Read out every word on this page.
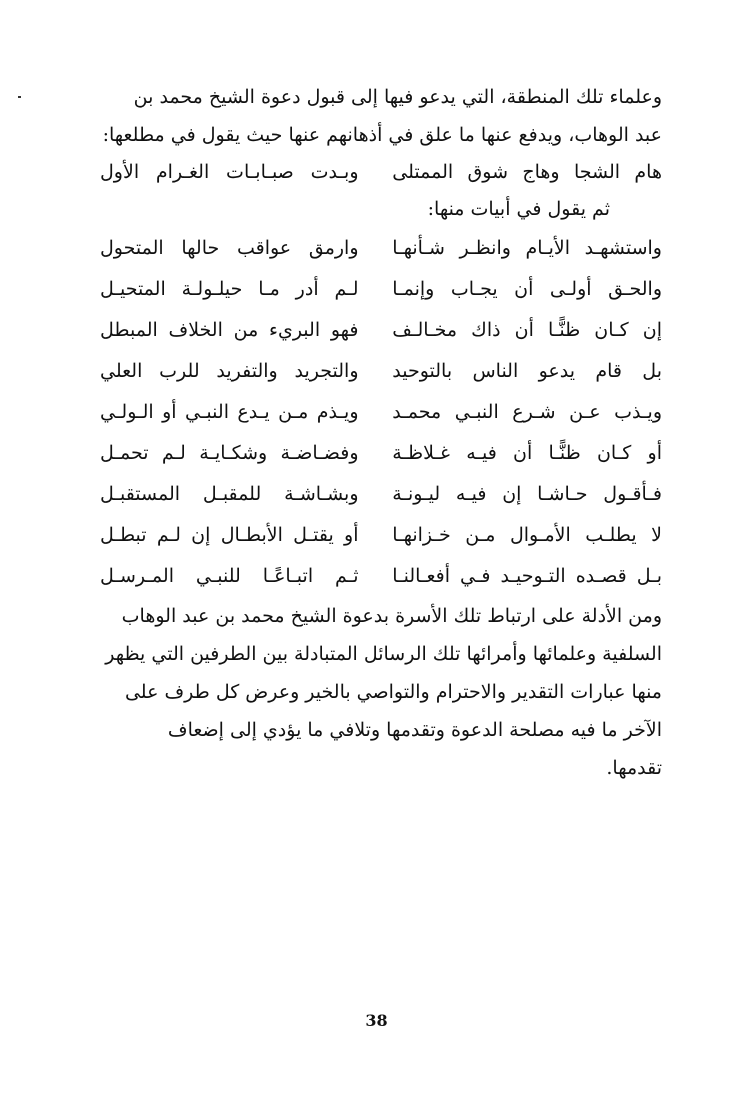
وعلماء تلك المنطقة، التي يدعو فيها إلى قبول دعوة الشيخ محمد بن

عبد الوهاب، ويدفع عنها ما علق في أذهانهم عنها حيث يقول في مطلعها:

هام الشجا وهاج شوق الممتلى
وبـدت صبـابـات الغـرام الأول

ثم يقول في أبيات منها:

واستشهـد الأيـام وانظـر شـأنهـا
وارمق عواقب حالها المتحول
والحـق أولـى أن يجـاب وإنمـا
لـم أدر مـا حيلـولـة المتحيـل
إن كـان ظنًّـا أن ذاك مخـالـف
فهو البريء من الخلاف المبطل
بل قام يدعو الناس بالتوحيد
والتجريد والتفريد للرب العلي
ويـذب عـن شـرع النبـي محمـد
ويـذم مـن يـدع النبـي أو الـولـي
أو كـان ظنًّـا أن فيـه غـلاظـة
وفضـاضـة وشكـايـة لـم تحمـل
فـأقـول حـاشـا إن فيـه ليـونـة
وبشـاشـة للمقبـل المستقبـل
لا يطلـب الأمـوال مـن خـزانهـا
أو يقتـل الأبطـال إن لـم تبطـل
بـل قصـده التـوحيـد فـي أفعـالنـا
ثـم اتبـاعًـا للنبـي المـرسـل

ومن الأدلة على ارتباط تلك الأسرة بدعوة الشيخ محمد بن عبد الوهاب

السلفية وعلمائها وأمرائها تلك الرسائل المتبادلة بين الطرفين التي يظهر

منها عبارات التقدير والاحترام والتواصي بالخير وعرض كل طرف على

الآخر ما فيه مصلحة الدعوة وتقدمها وتلافي ما يؤدي إلى إضعاف

تقدمها.

38
